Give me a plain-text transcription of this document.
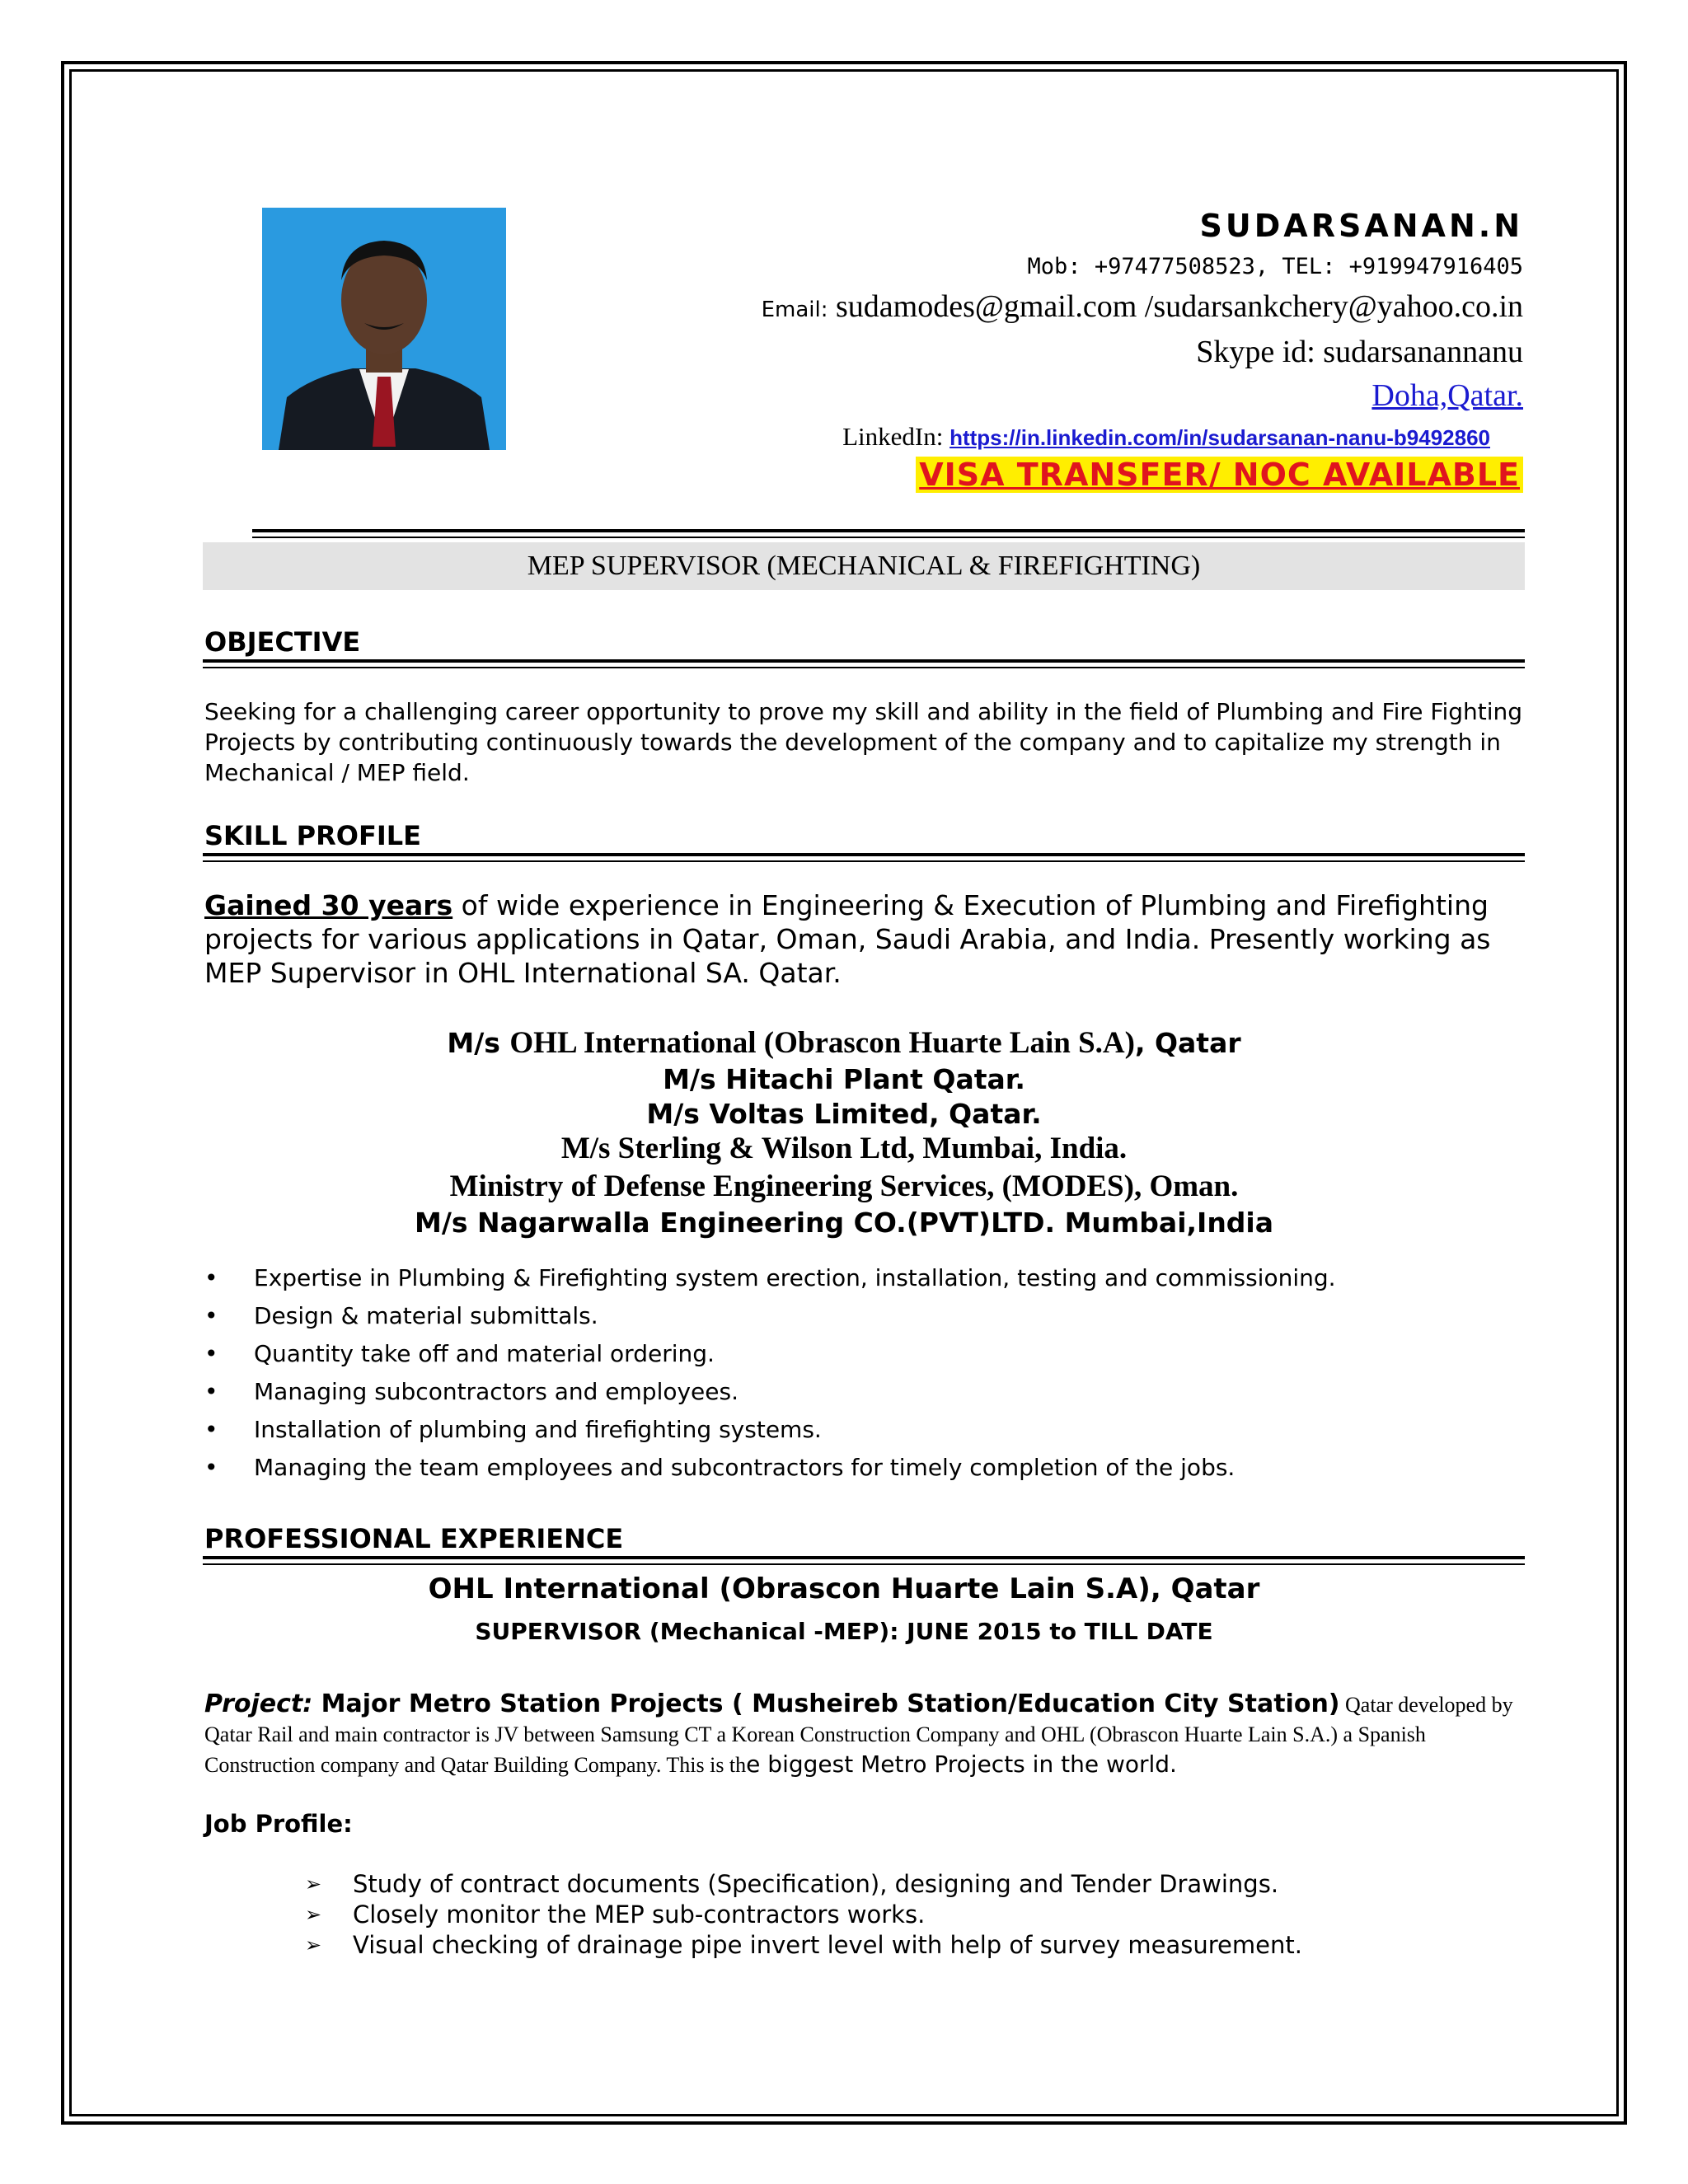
SUDARSANAN.N
Mob: +97477508523, TEL: +919947916405
Email: sudamodes@gmail.com /sudarsankchery@yahoo.co.in
Skype id: sudarsanannanu
Doha,Qatar.
LinkedIn: https://in.linkedin.com/in/sudarsanan-nanu-b9492860
VISA TRANSFER/ NOC AVAILABLE
MEP SUPERVISOR (MECHANICAL & FIREFIGHTING)
OBJECTIVE
Seeking for a challenging career opportunity to prove my skill and ability in the field of Plumbing and Fire Fighting Projects by contributing continuously towards the development of the company and to capitalize my strength in Mechanical / MEP field.
SKILL PROFILE
Gained 30 years of wide experience in Engineering & Execution of Plumbing and Firefighting projects for various applications in Qatar, Oman, Saudi Arabia, and India. Presently working as MEP Supervisor in OHL International SA. Qatar.
M/s OHL International (Obrascon Huarte Lain S.A), Qatar
M/s Hitachi Plant Qatar.
M/s Voltas Limited, Qatar.
M/s Sterling & Wilson Ltd, Mumbai, India.
Ministry of Defense Engineering Services, (MODES), Oman.
M/s Nagarwalla Engineering CO.(PVT)LTD. Mumbai,India
• Expertise in Plumbing & Firefighting system erection, installation, testing and commissioning.
• Design & material submittals.
• Quantity take off and material ordering.
• Managing subcontractors and employees.
• Installation of plumbing and firefighting systems.
• Managing the team employees and subcontractors for timely completion of the jobs.
PROFESSIONAL EXPERIENCE
OHL International (Obrascon Huarte Lain S.A), Qatar
SUPERVISOR (Mechanical -MEP): JUNE 2015 to TILL DATE
Project: Major Metro Station Projects ( Musheireb Station/Education City Station) Qatar developed by Qatar Rail and main contractor is JV between Samsung CT a Korean Construction Company and OHL (Obrascon Huarte Lain S.A.) a Spanish Construction company and Qatar Building Company. This is the biggest Metro Projects in the world.
Job Profile:
➢ Study of contract documents (Specification), designing and Tender Drawings.
➢ Closely monitor the MEP sub-contractors works.
➢ Visual checking of drainage pipe invert level with help of survey measurement.
